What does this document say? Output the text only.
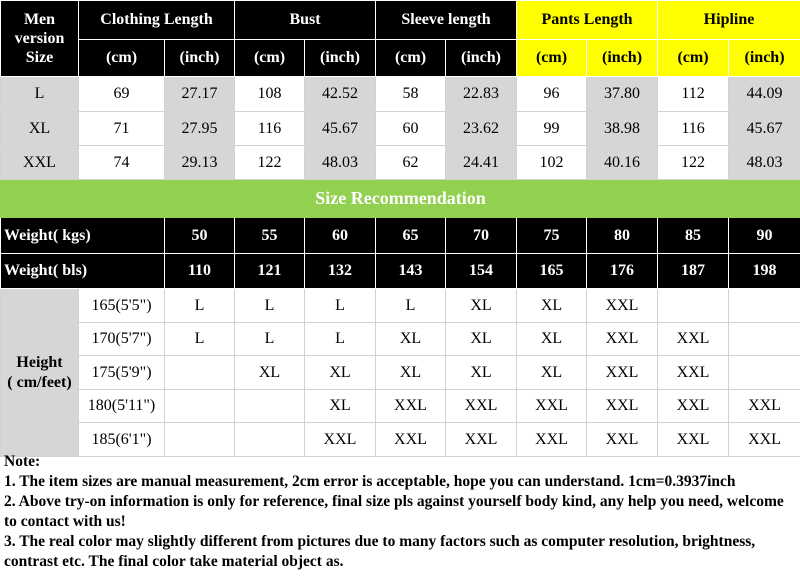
Men
version
Size	Clothing Length		Bust		Sleeve length		Pants Length		Hipline	
	(cm)	(inch)	(cm)	(inch)	(cm)	(inch)	(cm)	(inch)	(cm)	(inch)
L	69	27.17	108	42.52	58	22.83	96	37.80	112	44.09
XL	71	27.95	116	45.67	60	23.62	99	38.98	116	45.67
XXL	74	29.13	122	48.03	62	24.41	102	40.16	122	48.03
Size Recommendation										
Weight( kgs)		50	55	60	65	70	75	80	85	90
Weight( bls)		110	121	132	143	154	165	176	187	198
Height
( cm/feet)	165(5'5")	L	L	L	L	XL	XL	XXL		
	170(5'7")	L	L	L	XL	XL	XL	XXL	XXL	
	175(5'9")		XL	XL	XL	XL	XL	XXL	XXL	
	180(5'11")			XL	XXL	XXL	XXL	XXL	XXL	XXL
	185(6'1")			XXL	XXL	XXL	XXL	XXL	XXL	XXL
Note:
1. The item sizes are manual measurement, 2cm error is acceptable, hope you can understand. 1cm=0.3937inch
2. Above try-on information is only for reference, final size pls against yourself body kind, any help you need, welcome to contact with us!
3. The real color may slightly different from pictures due to many factors such as computer resolution, brightness, contrast etc. The final color take material object as.
